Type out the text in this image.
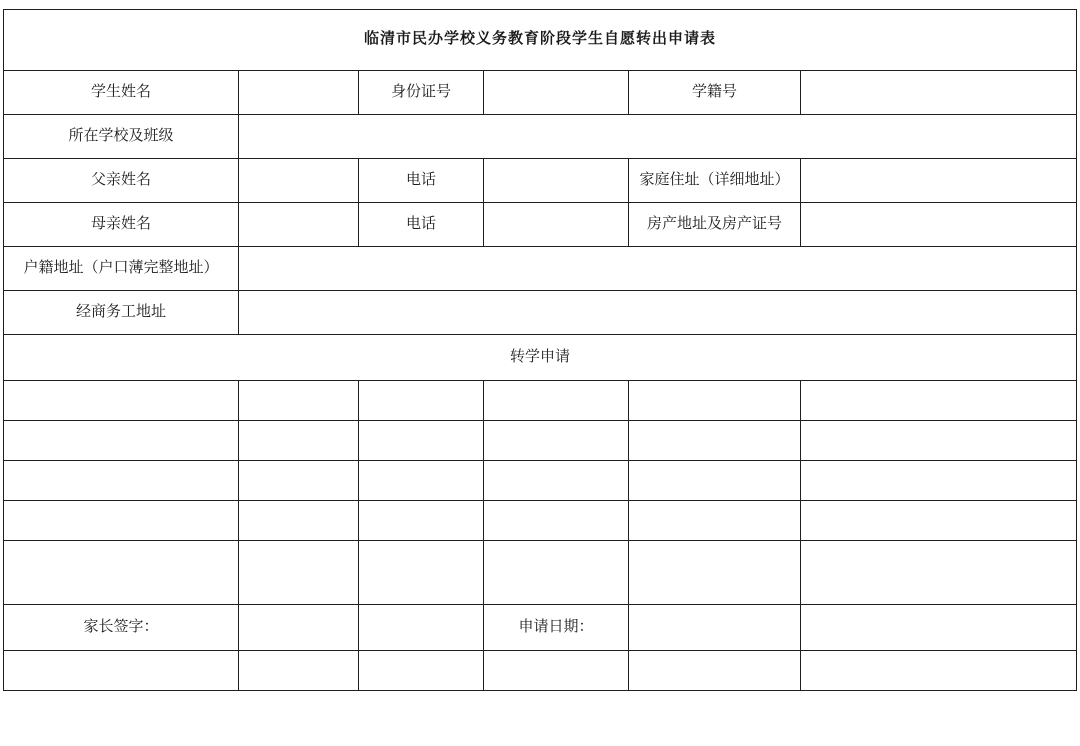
临清市民办学校义务教育阶段学生自愿转出申请表					
学生姓名		身份证号		学籍号	
所在学校及班级					
父亲姓名		电话		家庭住址（详细地址）	
母亲姓名		电话		房产地址及房产证号	
户籍地址（户口薄完整地址）					
经商务工地址					
转学申请					

家长签字：			申请日期：		
